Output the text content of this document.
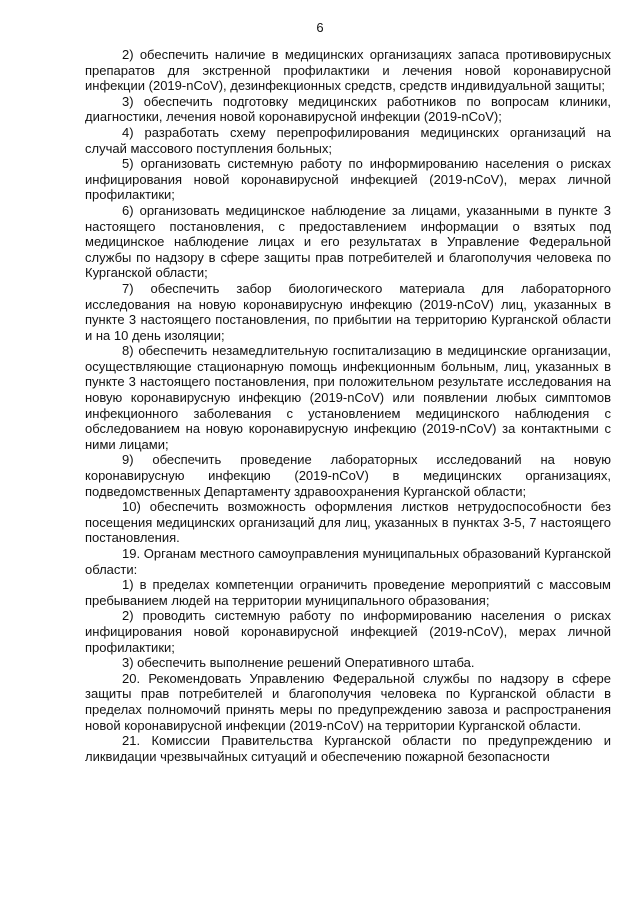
6

2) обеспечить наличие в медицинских организациях запаса противовирусных препаратов для экстренной профилактики и лечения новой коронавирусной инфекции (2019-nCoV), дезинфекционных средств, средств индивидуальной защиты;

3) обеспечить подготовку медицинских работников по вопросам клиники, диагностики, лечения новой коронавирусной инфекции (2019-nCoV);

4) разработать схему перепрофилирования медицинских организаций на случай массового поступления больных;

5) организовать системную работу по информированию населения о рисках инфицирования новой коронавирусной инфекцией (2019-nCoV), мерах личной профилактики;

6) организовать медицинское наблюдение за лицами, указанными в пункте 3 настоящего постановления, с предоставлением информации о взятых под медицинское наблюдение лицах и его результатах в Управление Федеральной службы по надзору в сфере защиты прав потребителей и благополучия человека по Курганской области;

7) обеспечить забор биологического материала для лабораторного исследования на новую коронавирусную инфекцию (2019-nCoV) лиц, указанных в пункте 3 настоящего постановления, по прибытии на территорию Курганской области и на 10 день изоляции;

8) обеспечить незамедлительную госпитализацию в медицинские организации, осуществляющие стационарную помощь инфекционным больным, лиц, указанных в пункте 3 настоящего постановления, при положительном результате исследования на новую коронавирусную инфекцию (2019-nCoV) или появлении любых симптомов инфекционного заболевания с установлением медицинского наблюдения с обследованием на новую коронавирусную инфекцию (2019-nCoV) за контактными с ними лицами;

9) обеспечить проведение лабораторных исследований на новую коронавирусную инфекцию (2019-nCoV) в медицинских организациях, подведомственных Департаменту здравоохранения Курганской области;

10) обеспечить возможность оформления листков нетрудоспособности без посещения медицинских организаций для лиц, указанных в пунктах 3-5, 7 настоящего постановления.

19. Органам местного самоуправления муниципальных образований Курганской области:

1) в пределах компетенции ограничить проведение мероприятий с массовым пребыванием людей на территории муниципального образования;

2) проводить системную работу по информированию населения о рисках инфицирования новой коронавирусной инфекцией (2019-nCoV), мерах личной профилактики;

3) обеспечить выполнение решений Оперативного штаба.

20. Рекомендовать Управлению Федеральной службы по надзору в сфере защиты прав потребителей и благополучия человека по Курганской области в пределах полномочий принять меры по предупреждению завоза и распространения новой коронавирусной инфекции (2019-nCoV) на территории Курганской области.

21. Комиссии Правительства Курганской области по предупреждению и ликвидации чрезвычайных ситуаций и обеспечению пожарной безопасности
